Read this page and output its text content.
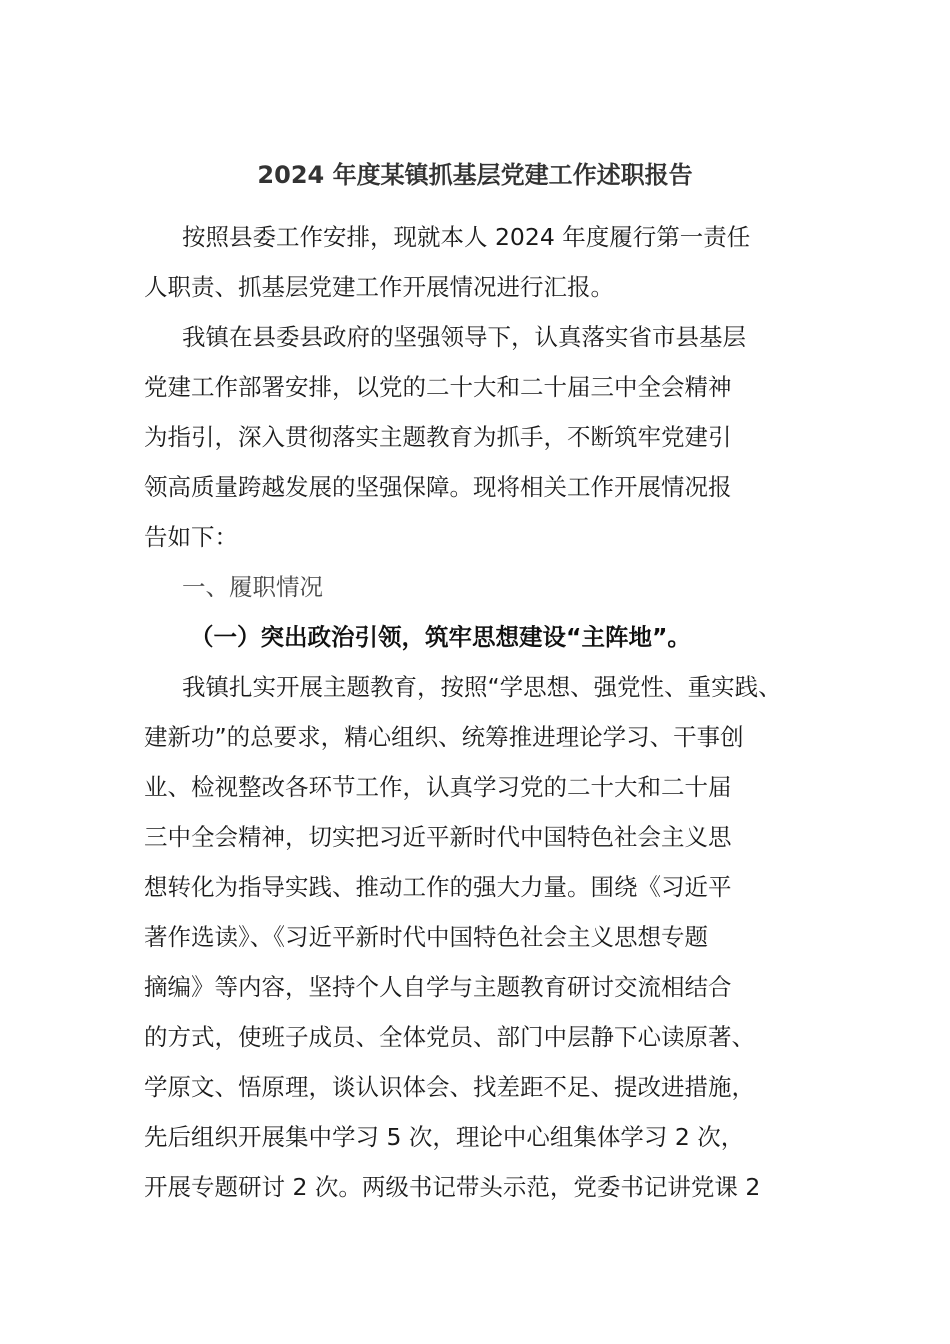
2024 年度某镇抓基层党建工作述职报告

按照县委工作安排，现就本人 2024 年度履行第一责任

人职责、抓基层党建工作开展情况进行汇报。

我镇在县委县政府的坚强领导下，认真落实省市县基层

党建工作部署安排，以党的二十大和二十届三中全会精神

为指引，深入贯彻落实主题教育为抓手，不断筑牢党建引

领高质量跨越发展的坚强保障。现将相关工作开展情况报

告如下：

一、履职情况

（一）突出政治引领，筑牢思想建设“主阵地”。

我镇扎实开展主题教育，按照“学思想、强党性、重实践、

建新功”的总要求，精心组织、统筹推进理论学习、干事创

业、检视整改各环节工作，认真学习党的二十大和二十届

三中全会精神，切实把习近平新时代中国特色社会主义思

想转化为指导实践、推动工作的强大力量。围绕《习近平

著作选读》、《习近平新时代中国特色社会主义思想专题

摘编》等内容，坚持个人自学与主题教育研讨交流相结合

的方式，使班子成员、全体党员、部门中层静下心读原著、

学原文、悟原理，谈认识体会、找差距不足、提改进措施，

先后组织开展集中学习 5 次，理论中心组集体学习 2 次，

开展专题研讨 2 次。两级书记带头示范，党委书记讲党课 2
